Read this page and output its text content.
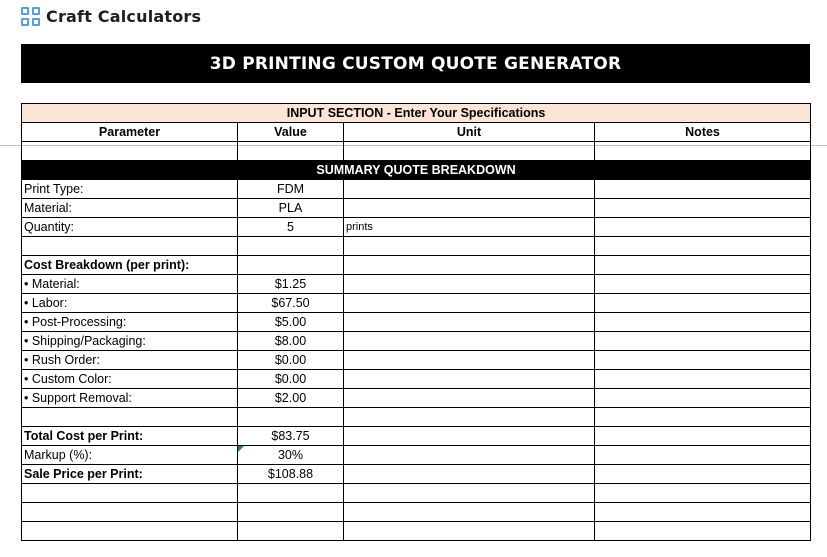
Craft Calculators
3D PRINTING CUSTOM QUOTE GENERATOR
INPUT SECTION - Enter Your Specifications			
Parameter	Value	Unit	Notes

SUMMARY QUOTE BREAKDOWN			
Print Type:	FDM		
Material:	PLA		
Quantity:	5	prints	

Cost Breakdown (per print):			
• Material:	$1.25		
• Labor:	$67.50		
• Post-Processing:	$5.00		
• Shipping/Packaging:	$8.00		
• Rush Order:	$0.00		
• Custom Color:	$0.00		
• Support Removal:	$2.00		

Total Cost per Print:	$83.75		
Markup (%):	30%		
Sale Price per Print:	$108.88		
